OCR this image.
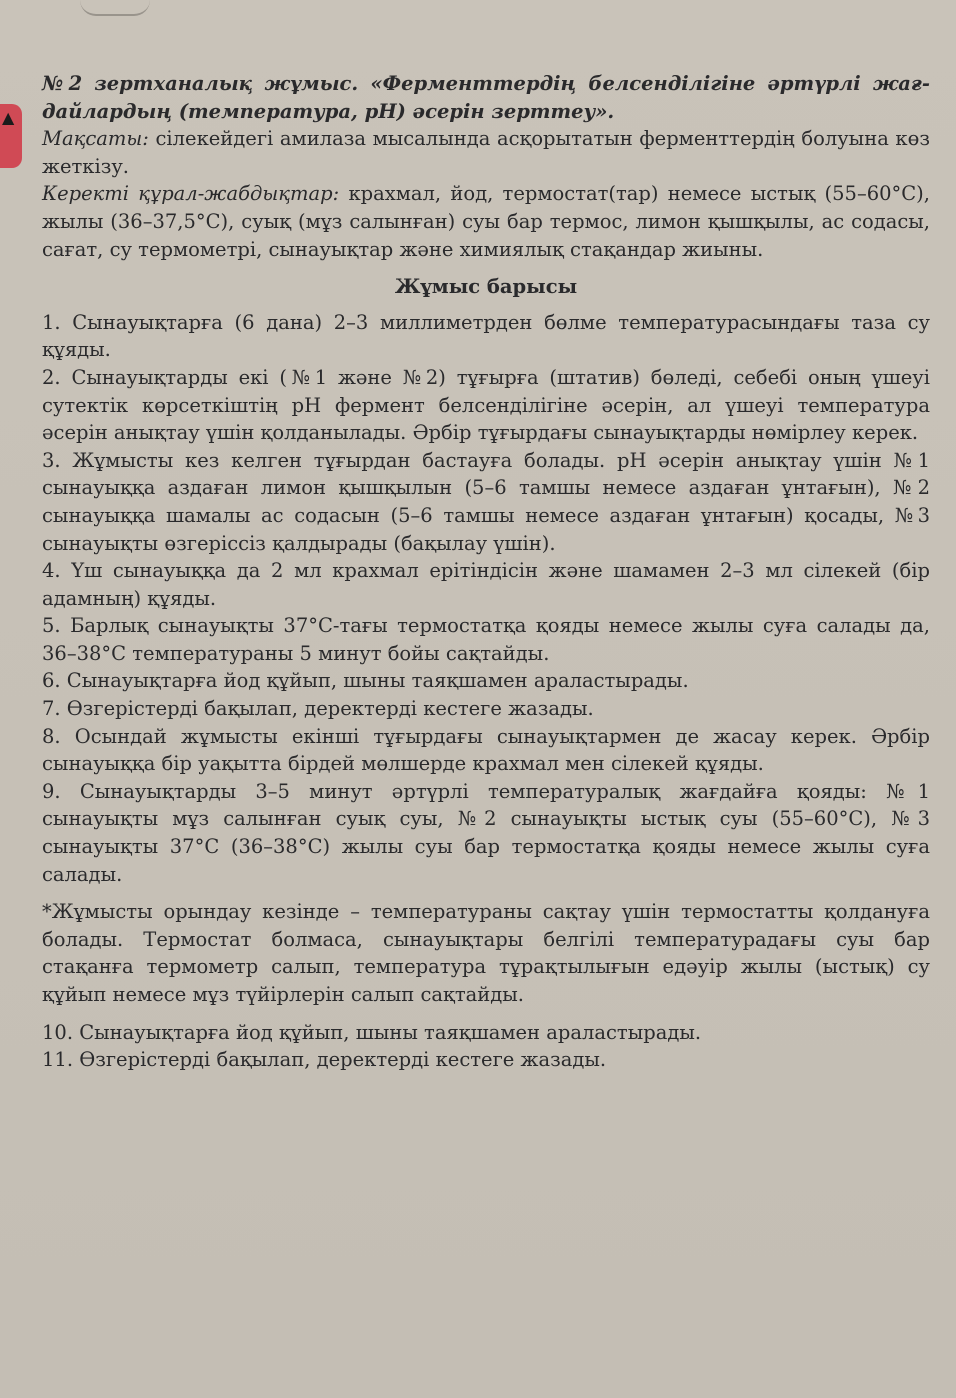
▲

№2 зертханалық жұмыс. «Ферменттердің белсенділігіне әртүрлі жағ- дайлардың (температура, рН) әсерін зерттеу».

Мақсаты: сілекейдегі амилаза мысалында асқорытатын ферменттердің болуына көз жеткізу.

Керекті құрал-жабдықтар: крахмал, йод, термостат(тар) немесе ыстық (55–60°С), жылы (36–37,5°С), суық (мұз салынған) суы бар термос, лимон қышқылы, ас содасы, сағат, су термометрі, сынауықтар және химиялық стақандар жиыны.

Жұмыс барысы

1. Сынауықтарға (6 дана) 2–3 миллиметрден бөлме температурасындағы таза су құяды.

2. Сынауықтарды екі (№1 және №2) тұғырға (штатив) бөледі, себебі оның үшеуі сутектік көрсеткіштің рН фермент белсенділігіне әсерін, ал үшеуі температура әсерін анықтау үшін қолданылады. Әрбір тұғырдағы сынауықтарды нөмірлеу керек.

3. Жұмысты кез келген тұғырдан бастауға болады. рН әсерін анықтау үшін №1 сынауыққа аздаған лимон қышқылын (5–6 тамшы немесе аздаған ұнтағын), №2 сынауыққа шамалы ас содасын (5–6 тамшы немесе аздаған ұнтағын) қосады, №3 сынауықты өзгеріссіз қалдырады (бақылау үшін).

4. Үш сынауыққа да 2 мл крахмал ерітіндісін және шамамен 2–3 мл сілекей (бір адамның) құяды.

5. Барлық сынауықты 37°С-тағы термостатқа қояды немесе жылы суға салады да, 36–38°С температураны 5 минут бойы сақтайды.

6. Сынауықтарға йод құйып, шыны таяқшамен араластырады.

7. Өзгерістерді бақылап, деректерді кестеге жазады.

8. Осындай жұмысты екінші тұғырдағы сынауықтармен де жасау керек. Әрбір сынауыққа бір уақытта бірдей мөлшерде крахмал мен сілекей құяды.

9. Сынауықтарды 3–5 минут әртүрлі температуралық жағдайға қояды: №1 сынауықты мұз салынған суық суы, №2 сынауықты ыстық суы (55–60°С), №3 сынауықты 37°С (36–38°С) жылы суы бар термостатқа қояды немесе жылы суға салады.

*Жұмысты орындау кезінде – температураны сақтау үшін термостатты қолдануға болады. Термостат болмаса, сынауықтары белгілі температурадағы суы бар стақанға термометр салып, температура тұрақтылығын едәуір жылы (ыстық) су құйып немесе мұз түйірлерін салып сақтайды.

10. Сынауықтарға йод құйып, шыны таяқшамен араластырады.

11. Өзгерістерді бақылап, деректерді кестеге жазады.
